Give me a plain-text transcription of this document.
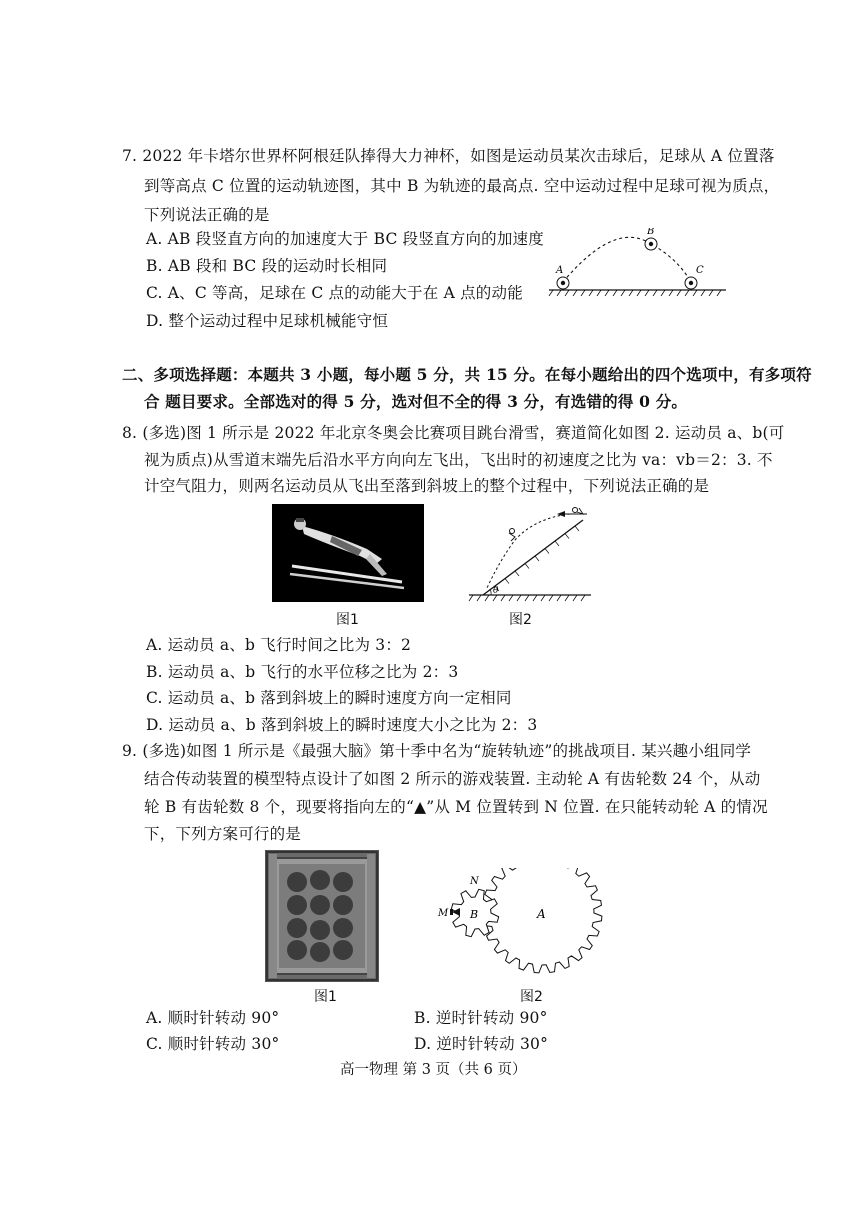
7. 2022 年卡塔尔世界杯阿根廷队捧得大力神杯，如图是运动员某次击球后，足球从 A 位置落
到等高点 C 位置的运动轨迹图，其中 B 为轨迹的最高点. 空中运动过程中足球可视为质点，
下列说法正确的是
A. AB 段竖直方向的加速度大于 BC 段竖直方向的加速度
B. AB 段和 BC 段的运动时长相同
C. A、C 等高，足球在 C 点的动能大于在 A 点的动能
D. 整个运动过程中足球机械能守恒
A
B
C
二、多项选择题：本题共 3 小题，每小题 5 分，共 15 分。在每小题给出的四个选项中，有多项符
合 题目要求。全部选对的得 5 分，选对但不全的得 3 分，有选错的得 0 分。
8. (多选)图 1 所示是 2022 年北京冬奥会比赛项目跳台滑雪，赛道简化如图 2. 运动员 a、b(可
视为质点)从雪道末端先后沿水平方向向左飞出，飞出时的初速度之比为 va：vb＝2：3. 不
计空气阻力，则两名运动员从飞出至落到斜坡上的整个过程中，下列说法正确的是
图1
θ
图2
A. 运动员 a、b 飞行时间之比为 3：2
B. 运动员 a、b 飞行的水平位移之比为 2：3
C. 运动员 a、b 落到斜坡上的瞬时速度方向一定相同
D. 运动员 a、b 落到斜坡上的瞬时速度大小之比为 2：3
9. (多选)如图 1 所示是《最强大脑》第十季中名为“旋转轨迹”的挑战项目. 某兴趣小组同学
结合传动装置的模型特点设计了如图 2 所示的游戏装置. 主动轮 A 有齿轮数 24 个，从动
轮 B 有齿轮数 8 个，现要将指向左的“▲”从 M 位置转到 N 位置. 在只能转动轮 A 的情况
下，下列方案可行的是
图1
N
M B	A
图2
A. 顺时针转动 90°	B. 逆时针转动 90°
C. 顺时针转动 30°	D. 逆时针转动 30°
高一物理 第 3 页（共 6 页）
